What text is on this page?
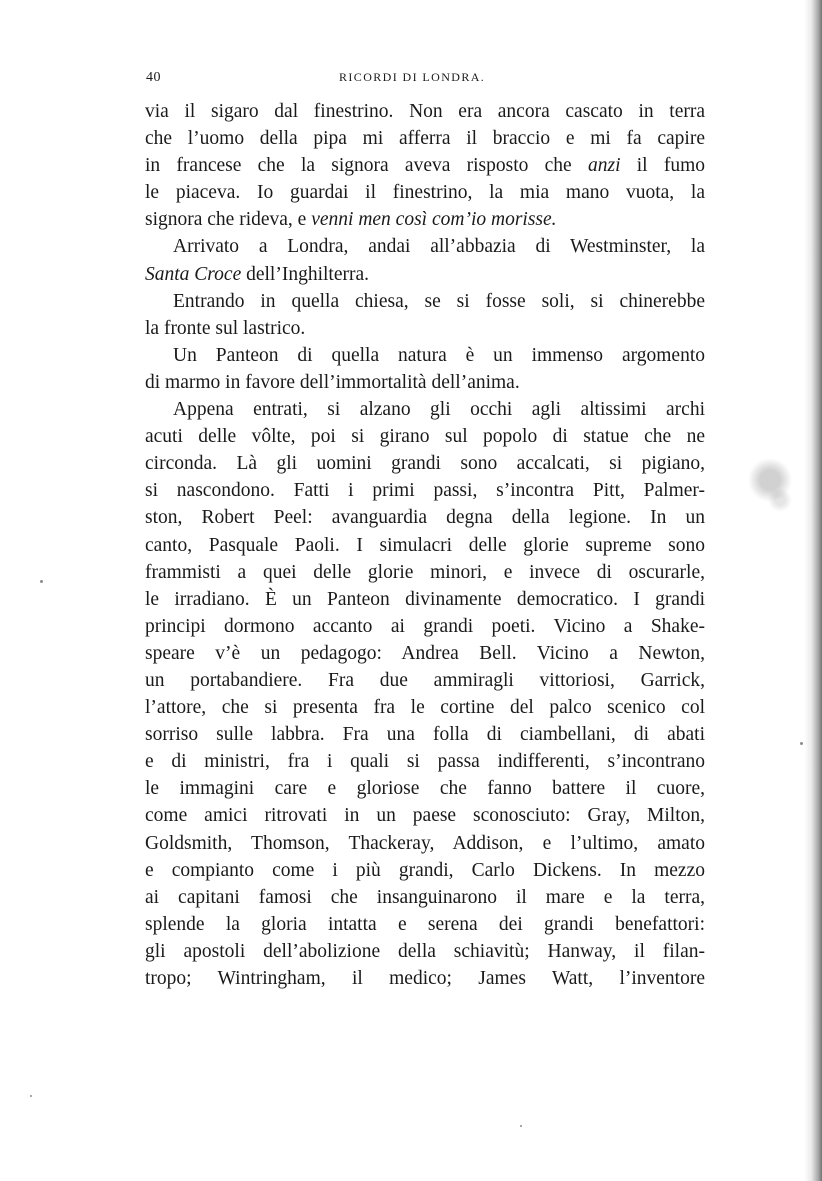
40	RICORDI DI LONDRA.
via il sigaro dal finestrino. Non era ancora cascato in terra
che l’uomo della pipa mi afferra il braccio e mi fa capire
in francese che la signora aveva risposto che anzi il fumo
le piaceva. Io guardai il finestrino, la mia mano vuota, la
signora che rideva, e venni men così com’io morisse.
Arrivato a Londra, andai all’abbazia di Westminster, la
Santa Croce dell’Inghilterra.
Entrando in quella chiesa, se si fosse soli, si chinerebbe
la fronte sul lastrico.
Un Panteon di quella natura è un immenso argomento
di marmo in favore dell’immortalità dell’anima.
Appena entrati, si alzano gli occhi agli altissimi archi
acuti delle vôlte, poi si girano sul popolo di statue che ne
circonda. Là gli uomini grandi sono accalcati, si pigiano,
si nascondono. Fatti i primi passi, s’incontra Pitt, Palmer-
ston, Robert Peel: avanguardia degna della legione. In un
canto, Pasquale Paoli. I simulacri delle glorie supreme sono
frammisti a quei delle glorie minori, e invece di oscurarle,
le irradiano. È un Panteon divinamente democratico. I grandi
principi dormono accanto ai grandi poeti. Vicino a Shake-
speare v’è un pedagogo: Andrea Bell. Vicino a Newton,
un portabandiere. Fra due ammiragli vittoriosi, Garrick,
l’attore, che si presenta fra le cortine del palco scenico col
sorriso sulle labbra. Fra una folla di ciambellani, di abati
e di ministri, fra i quali si passa indifferenti, s’incontrano
le immagini care e gloriose che fanno battere il cuore,
come amici ritrovati in un paese sconosciuto: Gray, Milton,
Goldsmith, Thomson, Thackeray, Addison, e l’ultimo, amato
e compianto come i più grandi, Carlo Dickens. In mezzo
ai capitani famosi che insanguinarono il mare e la terra,
splende la gloria intatta e serena dei grandi benefattori:
gli apostoli dell’abolizione della schiavitù; Hanway, il filan-
tropo; Wintringham, il medico; James Watt, l’inventore
